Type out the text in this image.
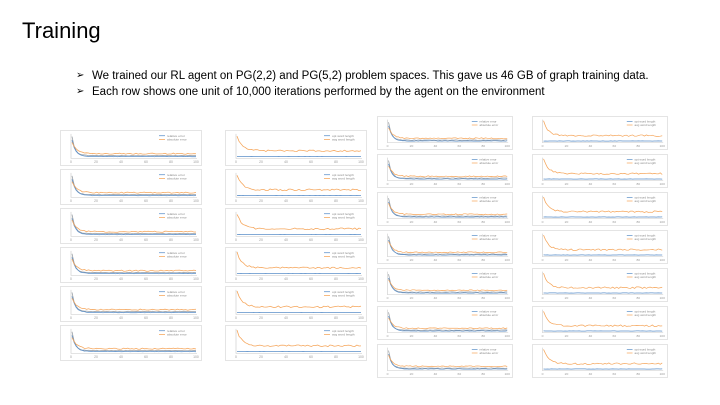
Training
➢ We trained our RL agent on PG(2,2) and PG(5,2) problem spaces. This gave us 46 GB of graph training data.
➢ Each row shows one unit of 10,000 iterations performed by the agent on the environment
0	20	40	60	80	100
relative error
absolute error
0	20	40	60	80	100
relative error
absolute error
0	20	40	60	80	100
relative error
absolute error
0	20	40	60	80	100
relative error
absolute error
0	20	40	60	80	100
relative error
absolute error
0	20	40	60	80	100
relative error
absolute error
0	20	40	60	80	100
opt word length
avg word length
0	20	40	60	80	100
opt word length
avg word length
0	20	40	60	80	100
opt word length
avg word length
0	20	40	60	80	100
opt word length
avg word length
0	20	40	60	80	100
opt word length
avg word length
0	20	40	60	80	100
opt word length
avg word length
0	20	40	60	80	100
relative error
absolute error
0	20	40	60	80	100
relative error
absolute error
0	20	40	60	80	100
relative error
absolute error
0	20	40	60	80	100
relative error
absolute error
0	20	40	60	80	100
relative error
absolute error
0	20	40	60	80	100
relative error
absolute error
0	20	40	60	80	100
relative error
absolute error
0	20	40	60	80	100
opt word length
avg word length
0	20	40	60	80	100
opt word length
avg word length
0	20	40	60	80	100
opt word length
avg word length
0	20	40	60	80	100
opt word length
avg word length
0	20	40	60	80	100
opt word length
avg word length
0	20	40	60	80	100
opt word length
avg word length
0	20	40	60	80	100
opt word length
avg word length
